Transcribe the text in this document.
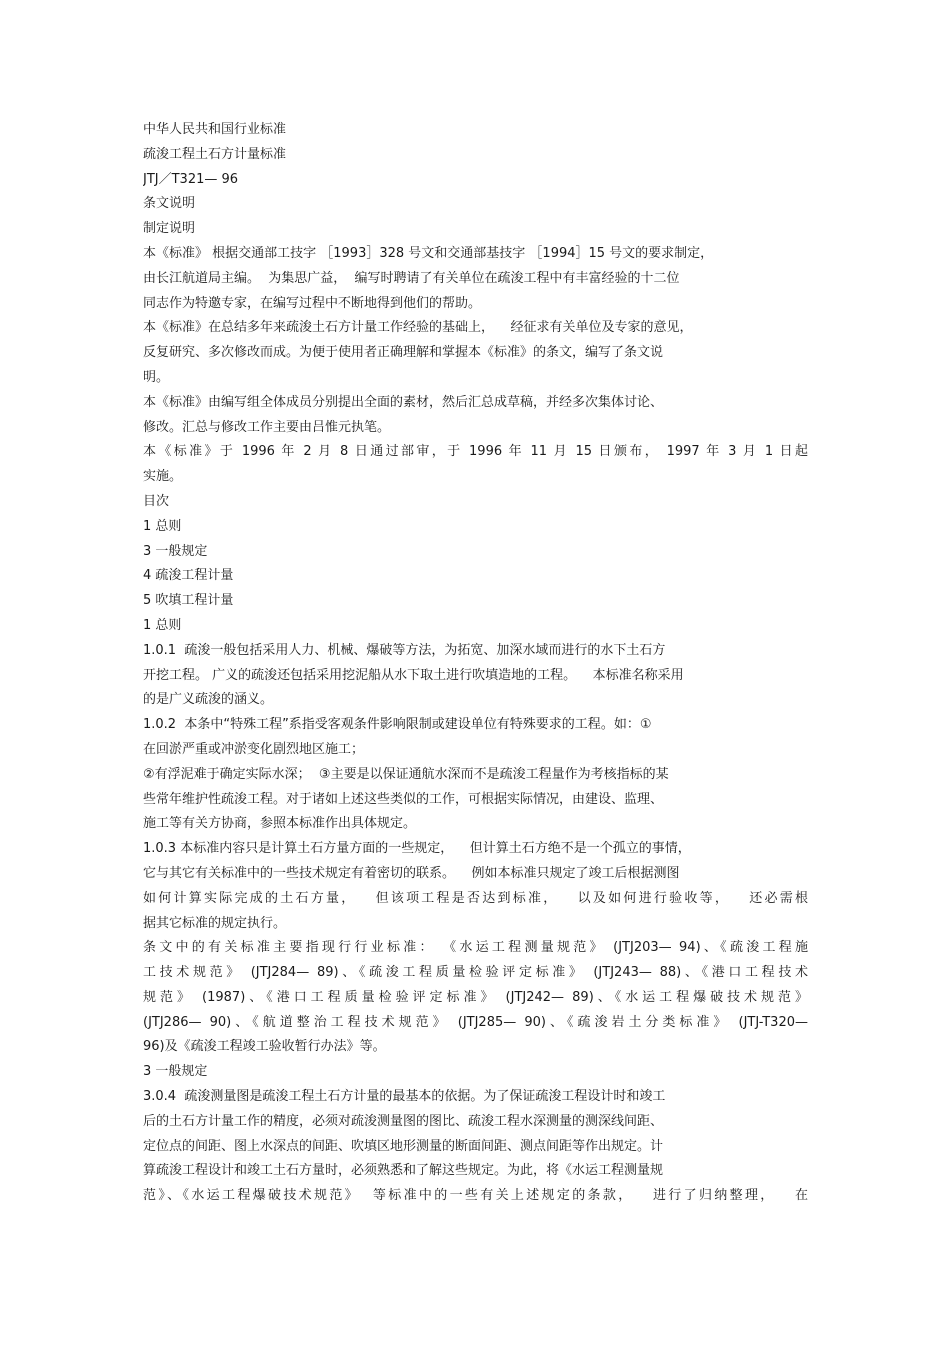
中华人民共和国行业标准
疏浚工程土石方计量标准
JTJ／T321— 96
条文说明
制定说明
本《标准》 根据交通部工技字 ［1993］328 号文和交通部基技字 ［1994］15 号文的要求制定，
由长江航道局主编。  为集思广益，  编写时聘请了有关单位在疏浚工程中有丰富经验的十二位
同志作为特邀专家，在编写过程中不断地得到他们的帮助。
本《标准》在总结多年来疏浚土石方计量工作经验的基础上，    经征求有关单位及专家的意见，
反复研究、多次修改而成。为便于使用者正确理解和掌握本《标准》的条文，编写了条文说
明。
本《标准》由编写组全体成员分别提出全面的素材，然后汇总成草稿，并经多次集体讨论、
修改。汇总与修改工作主要由吕惟元执笔。
本《标准》于 1996 年 2 月 8 日通过部审，于 1996 年 11 月 15 日颁布， 1997 年 3 月 1 日起
实施。
目次
1 总则
3 一般规定
4 疏浚工程计量
5 吹填工程计量
1 总则
1.0.1  疏浚一般包括采用人力、机械、爆破等方法，为拓宽、加深水域而进行的水下土石方
开挖工程。 广义的疏浚还包括采用挖泥船从水下取土进行吹填造地的工程。    本标准名称采用
的是广义疏浚的涵义。
1.0.2  本条中“特殊工程”系指受客观条件影响限制或建设单位有特殊要求的工程。如：①
在回淤严重或冲淤变化剧烈地区施工；
②有浮泥难于确定实际水深；  ③主要是以保证通航水深而不是疏浚工程量作为考核指标的某
些常年维护性疏浚工程。对于诸如上述这些类似的工作，可根据实际情况，由建设、监理、
施工等有关方协商，参照本标准作出具体规定。
1.0.3 本标准内容只是计算土石方量方面的一些规定，    但计算土石方绝不是一个孤立的事情，
它与其它有关标准中的一些技术规定有着密切的联系。    例如本标准只规定了竣工后根据测图
如何计算实际完成的土石方量，   但该项工程是否达到标准，   以及如何进行验收等，   还必需根
据其它标准的规定执行。
条文中的有关标准主要指现行行业标准： 《水运工程测量规范》 (JTJ203— 94)、《疏浚工程施
工技术规范》 (JTJ284— 89)、《疏浚工程质量检验评定标准》 (JTJ243— 88)、《港口工程技术
规范》 (1987)、《港口工程质量检验评定标准》 (JTJ242— 89)、《水运工程爆破技术规范》
(JTJ286— 90)、《航道整治工程技术规范》 (JTJ285— 90)、《疏浚岩土分类标准》 (JTJ-T320—
96)及《疏浚工程竣工验收暂行办法》等。
3 一般规定
3.0.4  疏浚测量图是疏浚工程土石方计量的最基本的依据。为了保证疏浚工程设计时和竣工
后的土石方计量工作的精度，必须对疏浚测量图的图比、疏浚工程水深测量的测深线间距、
定位点的间距、图上水深点的间距、吹填区地形测量的断面间距、测点间距等作出规定。计
算疏浚工程设计和竣工土石方量时，必须熟悉和了解这些规定。为此，将《水运工程测量规
范》、《水运工程爆破技术规范》  等标准中的一些有关上述规定的条款，   进行了归纳整理，   在
